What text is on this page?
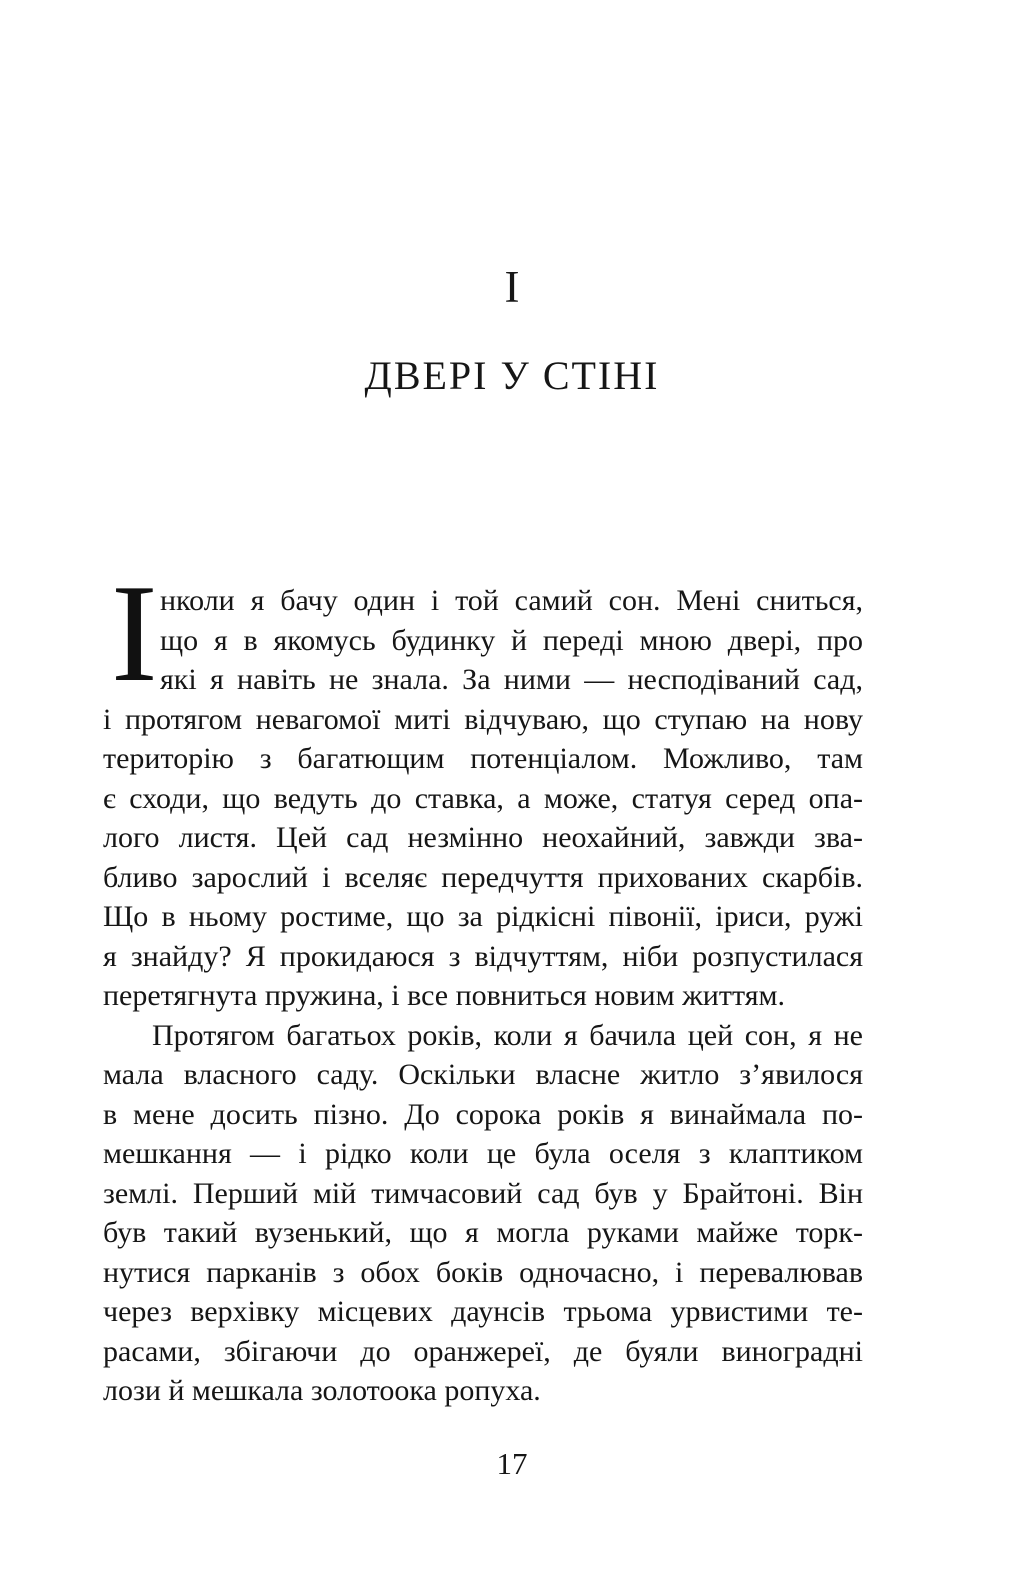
I
ДВЕРІ У СТІНІ
І нколи я бачу один і той самий сон. Мені сниться,
що я в якомусь будинку й переді мною двері, про
які я навіть не знала. За ними — несподіваний сад,
і протягом невагомої миті відчуваю, що ступаю на нову
територію з багатющим потенціалом. Можливо, там
є сходи, що ведуть до ставка, а може, статуя серед опа-
лого листя. Цей сад незмінно неохайний, завжди зва-
бливо зарослий і вселяє передчуття прихованих скарбів.
Що в ньому ростиме, що за рідкісні півонії, іриси, ружі
я знайду? Я прокидаюся з відчуттям, ніби розпустилася
перетягнута пружина, і все повниться новим життям.
Протягом багатьох років, коли я бачила цей сон, я не
мала власного саду. Оскільки власне житло з’явилося
в мене досить пізно. До сорока років я винаймала по-
мешкання — і рідко коли це була оселя з клаптиком
землі. Перший мій тимчасовий сад був у Брайтоні. Він
був такий вузенький, що я могла руками майже торк-
нутися парканів з обох боків одночасно, і перевалював
через верхівку місцевих даунсів трьома урвистими те-
расами, збігаючи до оранжереї, де буяли виноградні
лози й мешкала золотоока ропуха.
17
